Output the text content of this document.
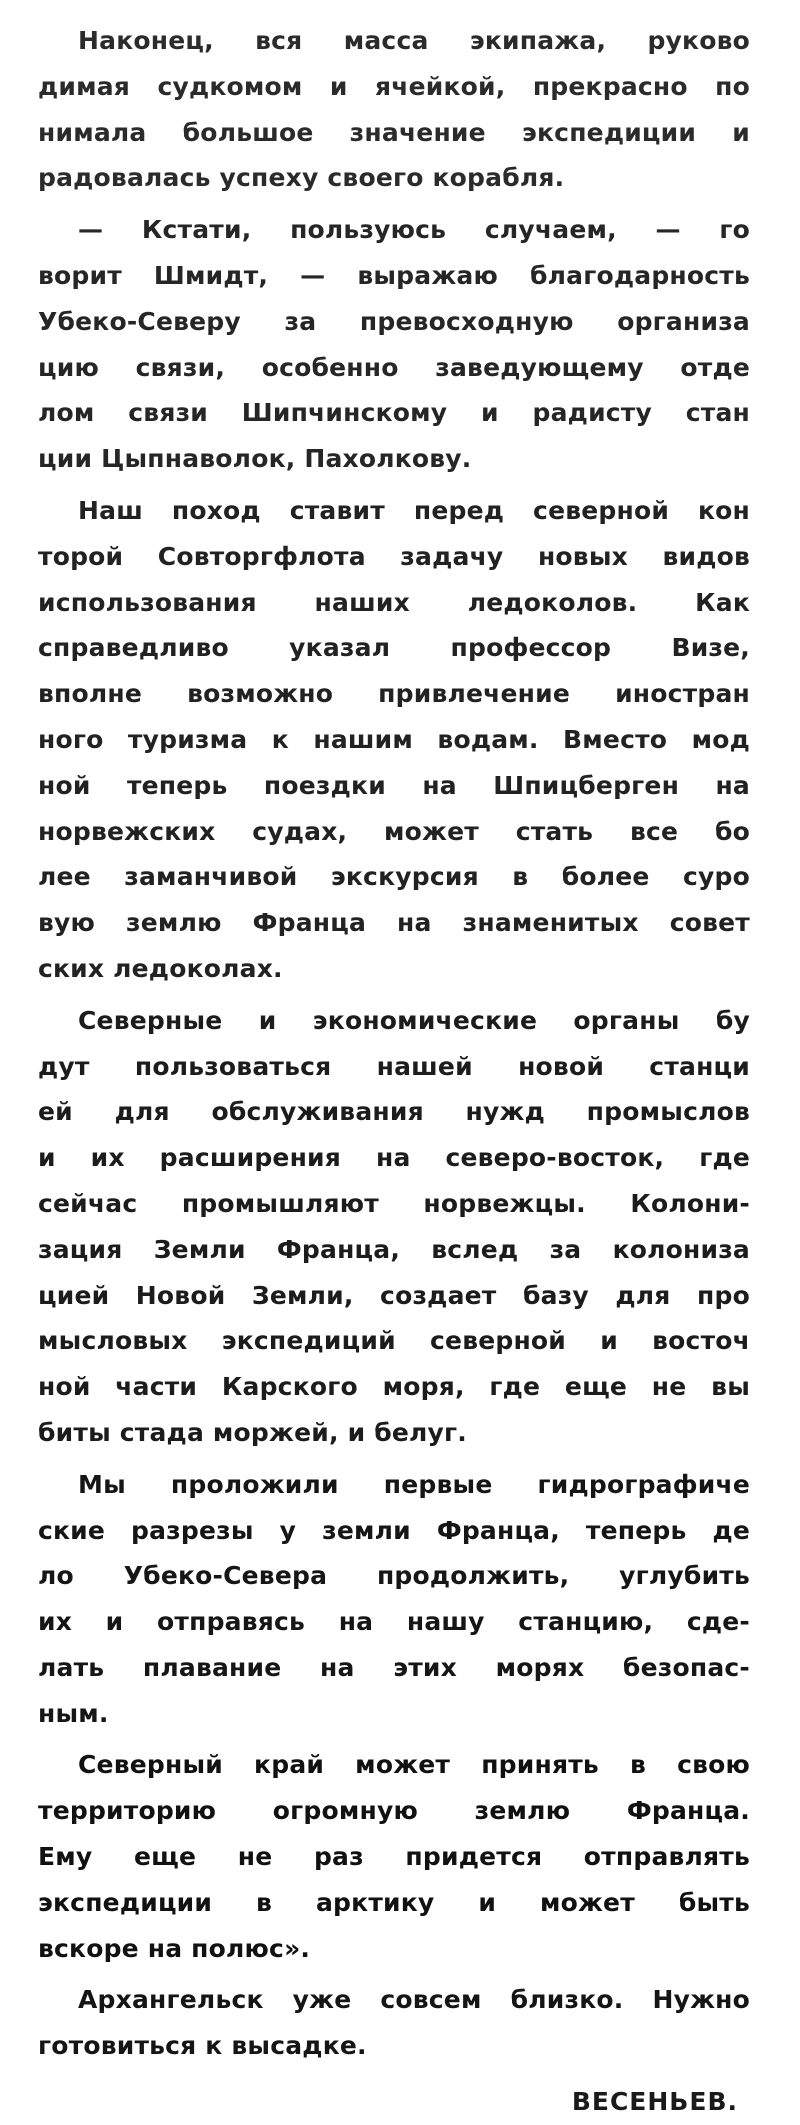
Наконец, вся масса экипажа, руково
димая судкомом и ячейкой, прекрасно по
нимала большое значение экспедиции и
радовалась успеху своего корабля.

— Кстати, пользуюсь случаем, — го
ворит Шмидт, — выражаю благодарность
Убеко-Северу за превосходную организа
цию связи, особенно заведующему отде
лом связи Шипчинскому и радисту стан
ции Цыпнаволок, Пахолкову.

Наш поход ставит перед северной кон
торой Совторгфлота задачу новых видов
использования наших ледоколов. Как
справедливо указал профессор Визе,
вполне возможно привлечение иностран
ного туризма к нашим водам. Вместо мод
ной теперь поездки на Шпицберген на
норвежских судах, может стать все бо
лее заманчивой экскурсия в более суро
вую землю Франца на знаменитых совет
ских ледоколах.

Северные и экономические органы бу
дут пользоваться нашей новой станци
ей для обслуживания нужд промыслов
и их расширения на северо-восток, где
сейчас промышляют норвежцы. Колони-
зация Земли Франца, вслед за колониза
цией Новой Земли, создает базу для про
мысловых экспедиций северной и восточ
ной части Карского моря, где еще не вы
биты стада моржей, и белуг.

Мы проложили первые гидрографиче
ские разрезы у земли Франца, теперь де
ло Убеко-Севера продолжить, углубить
их и отправясь на нашу станцию, сде-
лать плавание на этих морях безопас-
ным.

Северный край может принять в свою
территорию огромную землю Франца.
Ему еще не раз придется отправлять
экспедиции в арктику и может быть
вскоре на полюс».

Архангельск уже совсем близко. Нужно
готовиться к высадке.

ВЕСЕНЬЕВ.
